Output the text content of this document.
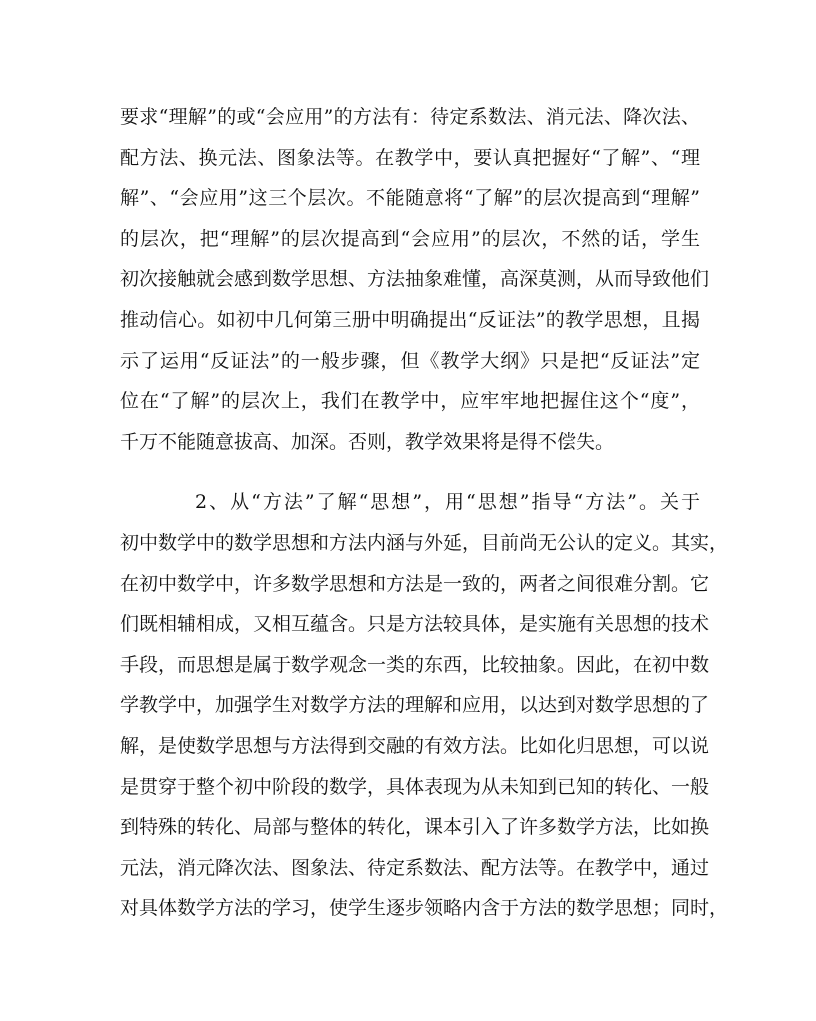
要求“理解”的或“会应用”的方法有：待定系数法、消元法、降次法、
配方法、换元法、图象法等。在教学中，要认真把握好“了解”、“理
解”、“会应用”这三个层次。不能随意将“了解”的层次提高到“理解”
的层次，把“理解”的层次提高到“会应用”的层次，不然的话，学生
初次接触就会感到数学思想、方法抽象难懂，高深莫测，从而导致他们
推动信心。如初中几何第三册中明确提出“反证法”的教学思想，且揭
示了运用“反证法”的一般步骤，但《教学大纲》只是把“反证法”定
位在“了解”的层次上，我们在教学中，应牢牢地把握住这个“度”，
千万不能随意拔高、加深。否则，教学效果将是得不偿失。
2、从“方法”了解“思想”，用“思想”指导“方法”。关于
初中数学中的数学思想和方法内涵与外延，目前尚无公认的定义。其实，
在初中数学中，许多数学思想和方法是一致的，两者之间很难分割。它
们既相辅相成，又相互蕴含。只是方法较具体，是实施有关思想的技术
手段，而思想是属于数学观念一类的东西，比较抽象。因此，在初中数
学教学中，加强学生对数学方法的理解和应用，以达到对数学思想的了
解，是使数学思想与方法得到交融的有效方法。比如化归思想，可以说
是贯穿于整个初中阶段的数学，具体表现为从未知到已知的转化、一般
到特殊的转化、局部与整体的转化，课本引入了许多数学方法，比如换
元法，消元降次法、图象法、待定系数法、配方法等。在教学中，通过
对具体数学方法的学习，使学生逐步领略内含于方法的数学思想；同时，
